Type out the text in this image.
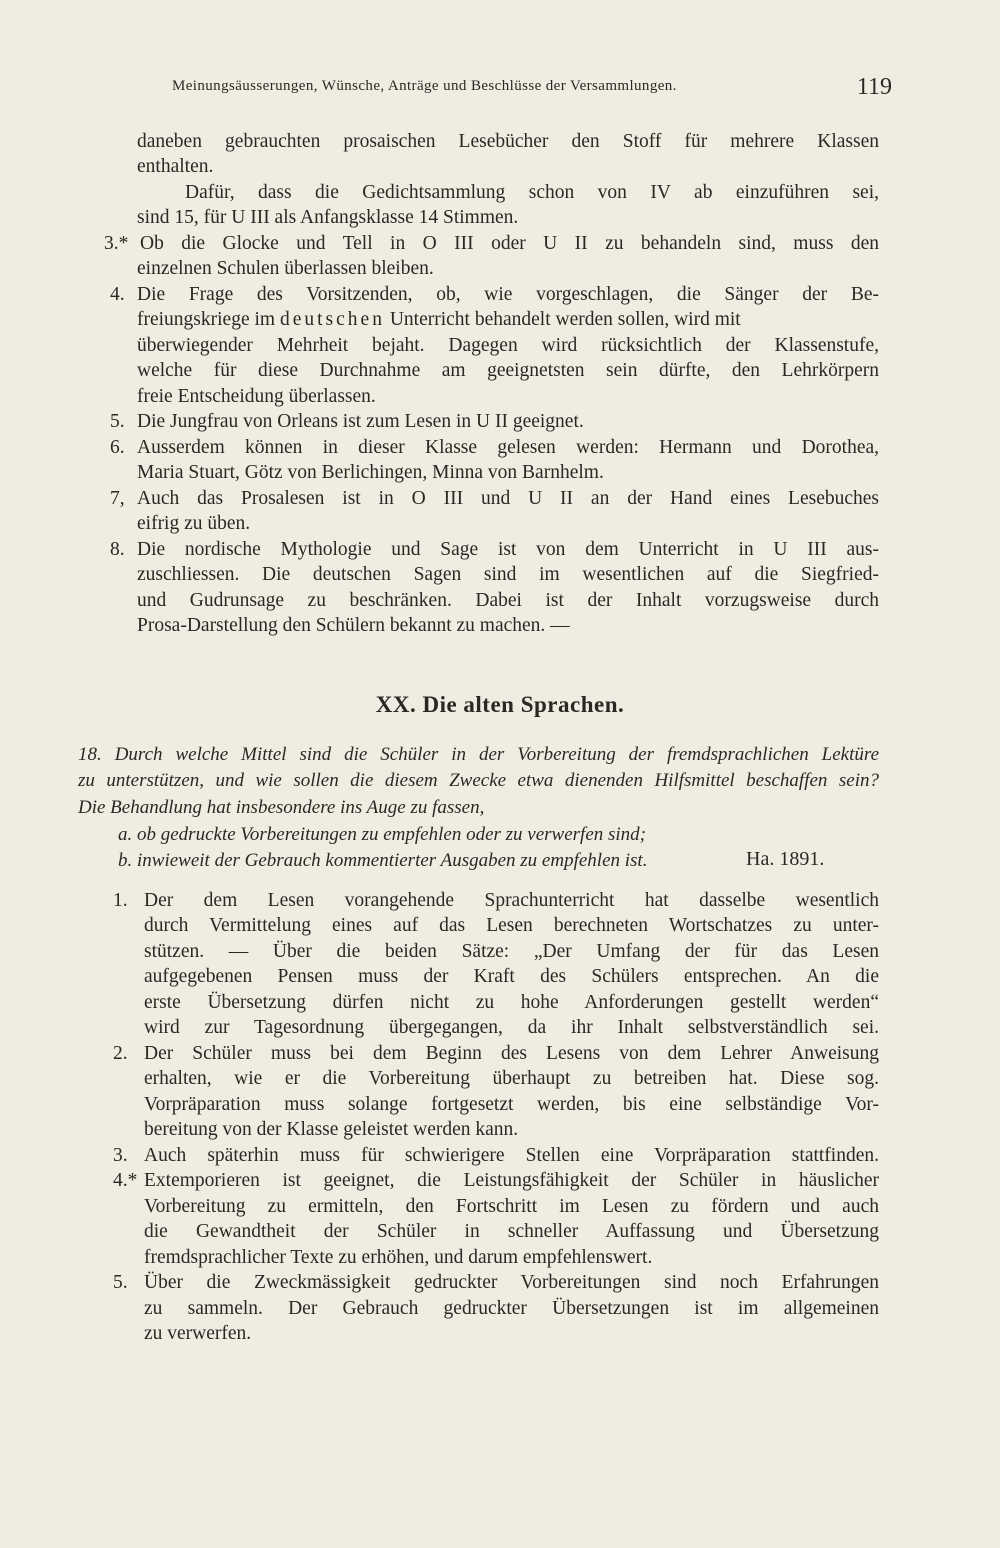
Meinungsäusserungen, Wünsche, Anträge und Beschlüsse der Versammlungen.	119
daneben gebrauchten prosaischen Lesebücher den Stoff für mehrere Klassen
enthalten.
Dafür, dass die Gedichtsammlung schon von IV ab einzuführen sei,
sind 15, für U III als Anfangsklasse 14 Stimmen.
3.* Ob die Glocke und Tell in O III oder U II zu behandeln sind, muss den
einzelnen Schulen überlassen bleiben.
4. Die Frage des Vorsitzenden, ob, wie vorgeschlagen, die Sänger der Be-
freiungskriege im deutschen Unterricht behandelt werden sollen, wird mit
überwiegender Mehrheit bejaht. Dagegen wird rücksichtlich der Klassenstufe,
welche für diese Durchnahme am geeignetsten sein dürfte, den Lehrkörpern
freie Entscheidung überlassen.
5. Die Jungfrau von Orleans ist zum Lesen in U II geeignet.
6. Ausserdem können in dieser Klasse gelesen werden: Hermann und Dorothea,
Maria Stuart, Götz von Berlichingen, Minna von Barnhelm.
7, Auch das Prosalesen ist in O III und U II an der Hand eines Lesebuches
eifrig zu üben.
8. Die nordische Mythologie und Sage ist von dem Unterricht in U III aus-
zuschliessen. Die deutschen Sagen sind im wesentlichen auf die Siegfried-
und Gudrunsage zu beschränken. Dabei ist der Inhalt vorzugsweise durch
Prosa-Darstellung den Schülern bekannt zu machen. —
XX. Die alten Sprachen.
18. Durch welche Mittel sind die Schüler in der Vorbereitung der fremdsprachlichen Lektüre
zu unterstützen, und wie sollen die diesem Zwecke etwa dienenden Hilfsmittel beschaffen sein?
Die Behandlung hat insbesondere ins Auge zu fassen,
a. ob gedruckte Vorbereitungen zu empfehlen oder zu verwerfen sind;
b. inwieweit der Gebrauch kommentierter Ausgaben zu empfehlen ist.	Ha. 1891.
1. Der dem Lesen vorangehende Sprachunterricht hat dasselbe wesentlich
durch Vermittelung eines auf das Lesen berechneten Wortschatzes zu unter-
stützen. — Über die beiden Sätze: „Der Umfang der für das Lesen
aufgegebenen Pensen muss der Kraft des Schülers entsprechen. An die
erste Übersetzung dürfen nicht zu hohe Anforderungen gestellt werden“
wird zur Tagesordnung übergegangen, da ihr Inhalt selbstverständlich sei.
2. Der Schüler muss bei dem Beginn des Lesens von dem Lehrer Anweisung
erhalten, wie er die Vorbereitung überhaupt zu betreiben hat. Diese sog.
Vorpräparation muss solange fortgesetzt werden, bis eine selbständige Vor-
bereitung von der Klasse geleistet werden kann.
3. Auch späterhin muss für schwierigere Stellen eine Vorpräparation stattfinden.
4.* Extemporieren ist geeignet, die Leistungsfähigkeit der Schüler in häuslicher
Vorbereitung zu ermitteln, den Fortschritt im Lesen zu fördern und auch
die Gewandtheit der Schüler in schneller Auffassung und Übersetzung
fremdsprachlicher Texte zu erhöhen, und darum empfehlenswert.
5. Über die Zweckmässigkeit gedruckter Vorbereitungen sind noch Erfahrungen
zu sammeln. Der Gebrauch gedruckter Übersetzungen ist im allgemeinen
zu verwerfen.
